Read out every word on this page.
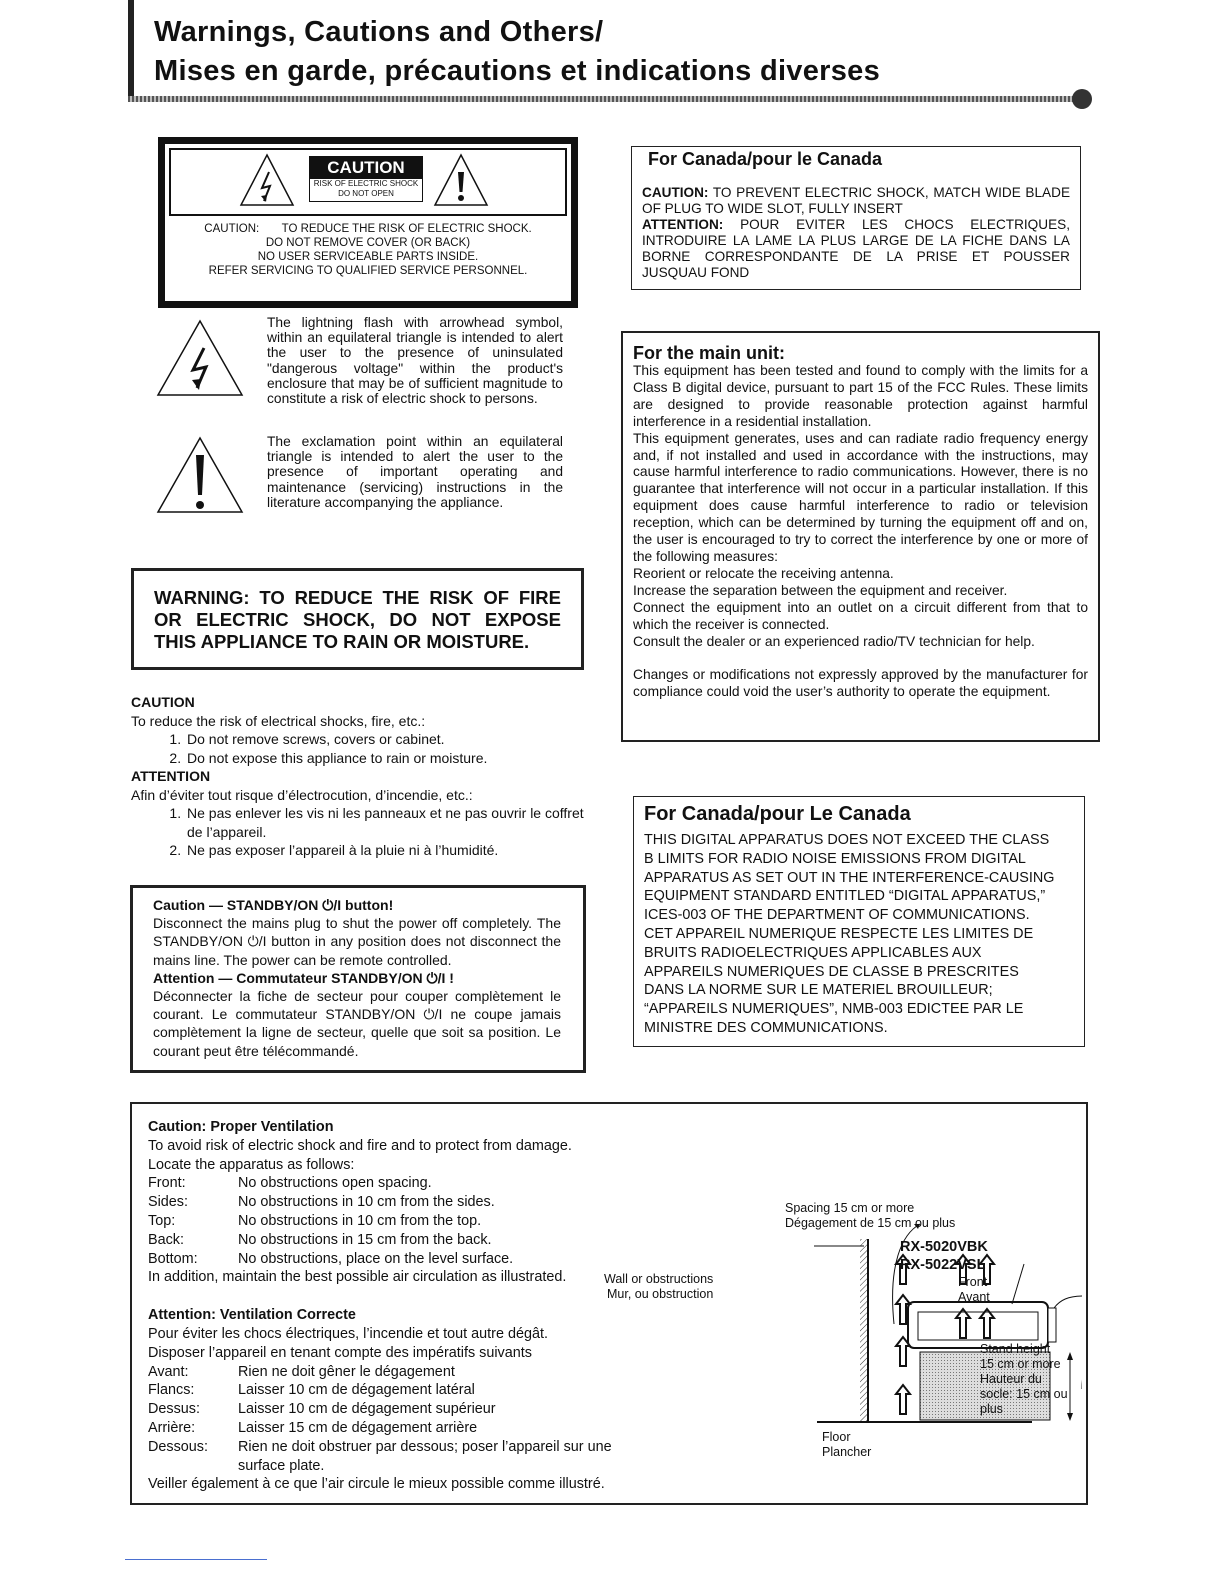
Warnings, Cautions and Others/
Mises en garde, précautions et indications diverses
CAUTION
RISK OF ELECTRIC SHOCK
DO NOT OPEN
CAUTION: TO REDUCE THE RISK OF ELECTRIC SHOCK.
DO NOT REMOVE COVER (OR BACK)
NO USER SERVICEABLE PARTS INSIDE.
REFER SERVICING TO QUALIFIED SERVICE PERSONNEL.
The lightning flash with arrowhead symbol, within an equilateral triangle is intended to alert the user to the presence of uninsulated "dangerous voltage" within the product's enclosure that may be of sufficient magnitude to constitute a risk of electric shock to persons.
The exclamation point within an equilateral triangle is intended to alert the user to the presence of important operating and maintenance (servicing) instructions in the literature accompanying the appliance.

WARNING: TO REDUCE THE RISK OF FIRE OR ELECTRIC SHOCK, DO NOT EXPOSE THIS APPLIANCE TO RAIN OR MOISTURE.

CAUTION
To reduce the risk of electrical shocks, fire, etc.:
1. Do not remove screws, covers or cabinet.
2. Do not expose this appliance to rain or moisture.
ATTENTION
Afin d’éviter tout risque d’électrocution, d’incendie, etc.:
1. Ne pas enlever les vis ni les panneaux et ne pas ouvrir le coffret de l’appareil.
2. Ne pas exposer l’appareil à la pluie ni à l’humidité.
Caution — STANDBY/ON ⏻/I button!
Disconnect the mains plug to shut the power off completely. The STANDBY/ON ⏻/I button in any position does not disconnect the mains line. The power can be remote controlled.
Attention — Commutateur STANDBY/ON ⏻/I !
Déconnecter la fiche de secteur pour couper complètement le courant. Le commutateur STANDBY/ON ⏻/I ne coupe jamais complètement la ligne de secteur, quelle que soit sa position. Le courant peut être télécommandé.
For Canada/pour le Canada
CAUTION: TO PREVENT ELECTRIC SHOCK, MATCH WIDE BLADE OF PLUG TO WIDE SLOT, FULLY INSERT
ATTENTION: POUR EVITER LES CHOCS ELECTRIQUES, INTRODUIRE LA LAME LA PLUS LARGE DE LA FICHE DANS LA BORNE CORRESPONDANTE DE LA PRISE ET POUSSER JUSQUAU FOND
For the main unit:

This equipment has been tested and found to comply with the limits for a Class B digital device, pursuant to part 15 of the FCC Rules. These limits are designed to provide reasonable protection against harmful interference in a residential installation.

This equipment generates, uses and can radiate radio frequency energy and, if not installed and used in accordance with the instructions, may cause harmful interference to radio communications. However, there is no guarantee that interference will not occur in a particular installation. If this equipment does cause harmful interference to radio or television reception, which can be determined by turning the equipment off and on, the user is encouraged to try to correct the interference by one or more of the following measures:

Reorient or relocate the receiving antenna.

Increase the separation between the equipment and receiver.

Connect the equipment into an outlet on a circuit different from that to which the receiver is connected.

Consult the dealer or an experienced radio/TV technician for help.

Changes or modifications not expressly approved by the manufacturer for compliance could void the user’s authority to operate the equipment.

For Canada/pour Le Canada
THIS DIGITAL APPARATUS DOES NOT EXCEED THE CLASS
B LIMITS FOR RADIO NOISE EMISSIONS FROM DIGITAL
APPARATUS AS SET OUT IN THE INTERFERENCE-CAUSING
EQUIPMENT STANDARD ENTITLED “DIGITAL APPARATUS,”
ICES-003 OF THE DEPARTMENT OF COMMUNICATIONS.
CET APPAREIL NUMERIQUE RESPECTE LES LIMITES DE
BRUITS RADIOELECTRIQUES APPLICABLES AUX
APPAREILS NUMERIQUES DE CLASSE B PRESCRITES
DANS LA NORME SUR LE MATERIEL BROUILLEUR;
“APPAREILS NUMERIQUES”, NMB-003 EDICTEE PAR LE
MINISTRE DES COMMUNICATIONS.
Caution: Proper Ventilation
To avoid risk of electric shock and fire and to protect from damage.
Locate the apparatus as follows:
Front:	No obstructions open spacing.
Sides:	No obstructions in 10 cm from the sides.
Top:	No obstructions in 10 cm from the top.
Back:	No obstructions in 15 cm from the back.
Bottom:	No obstructions, place on the level surface.
In addition, maintain the best possible air circulation as illustrated.
Attention: Ventilation Correcte
Pour éviter les chocs électriques, l’incendie et tout autre dégât.
Disposer l’appareil en tenant compte des impératifs suivants
Avant:	Rien ne doit gêner le dégagement
Flancs:	Laisser 10 cm de dégagement latéral
Dessus:	Laisser 10 cm de dégagement supérieur
Arrière:	Laisser 15 cm de dégagement arrière
Dessous:	Rien ne doit obstruer par dessous; poser l’appareil sur une
surface plate.
Veiller également à ce que l’air circule le mieux possible comme illustré.
Spacing 15 cm or more
Dégagement de 15 cm ou plus
RX-5020VBK
RX-5022VSL
Wall or obstructions
Mur, ou obstruction
Front
Avant
Stand height
15 cm or more
Hauteur du
socle: 15 cm ou
plus
Floor
Plancher
